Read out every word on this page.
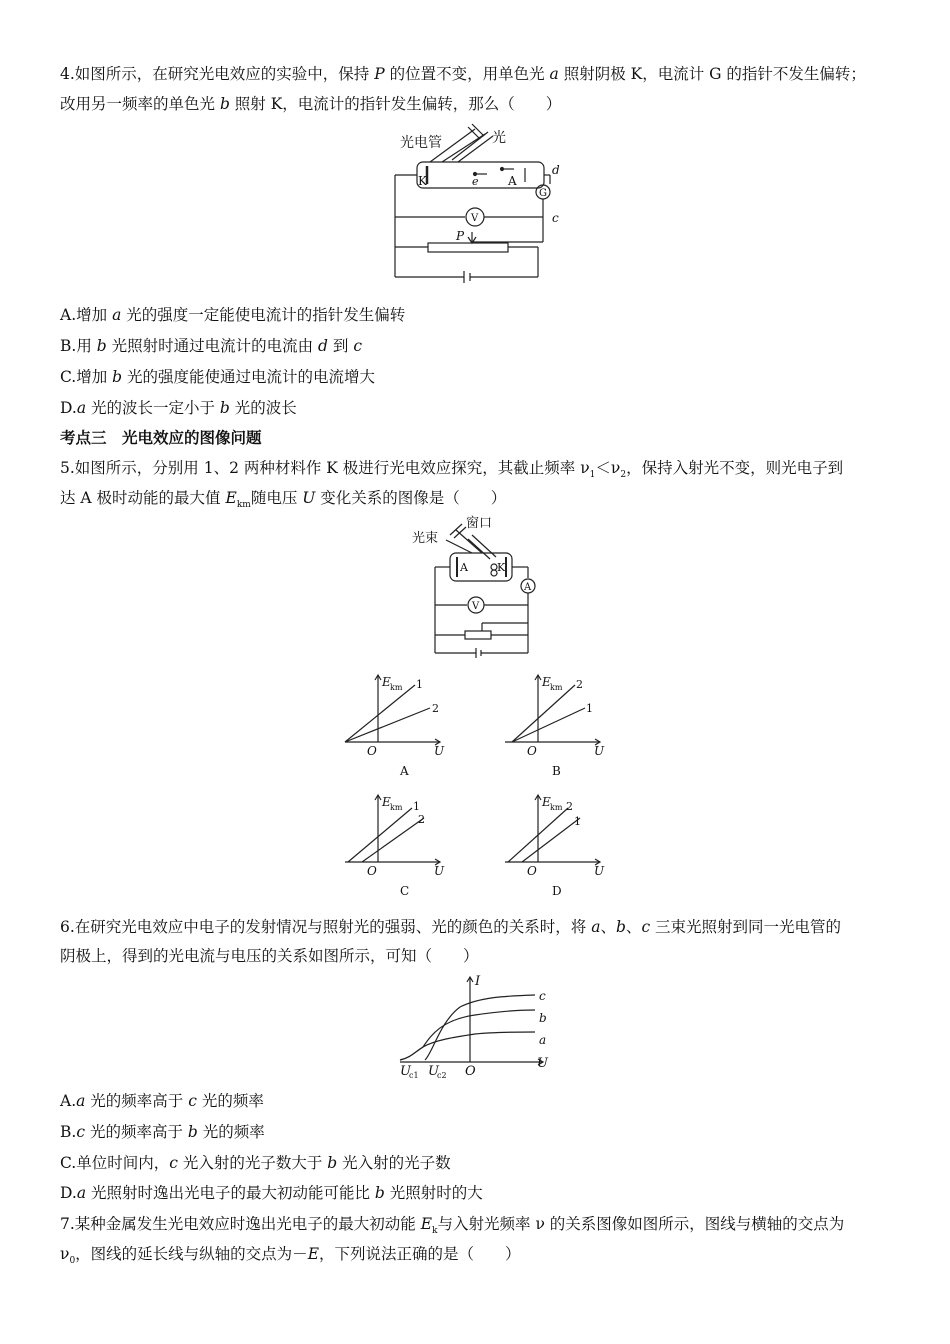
4.如图所示，在研究光电效应的实验中，保持 P 的位置不变，用单色光 a 照射阴极 K，电流计 G 的指针不发生偏转；
改用另一频率的单色光 b 照射 K，电流计的指针发生偏转，那么（　　）
光电管	光
K	A
e
d
c
G
V
P
A.增加 a 光的强度一定能使电流计的指针发生偏转
B.用 b 光照射时通过电流计的电流由 d 到 c
C.增加 b 光的强度能使通过电流计的电流增大
D.a 光的波长一定小于 b 光的波长
考点三　光电效应的图像问题
5.如图所示，分别用 1、2 两种材料作 K 极进行光电效应探究，其截止频率 $\nu_1<\nu_2$，保持入射光不变，则光电子到
达 A 极时动能的最大值 $E_{km}$随电压 U 变化关系的图像是（　　）
光束
窗口
A	K
A
V
E km 1
2
O	U
A
E km 2
1
O	U
B
E km 1
2
O	U
C
E km 2
1
O	U
D
6.在研究光电效应中电子的发射情况与照射光的强弱、光的颜色的关系时，将 a、b、c 三束光照射到同一光电管的
阴极上，得到的光电流与电压的关系如图所示，可知（　　）
I
U
O
c
b
a
U
c1 U
c2
A.a 光的频率高于 c 光的频率
B.c 光的频率高于 b 光的频率
C.单位时间内，c 光入射的光子数大于 b 光入射的光子数
D.a 光照射时逸出光电子的最大初动能可能比 b 光照射时的大
7.某种金属发生光电效应时逸出光电子的最大初动能 $E_k$与入射光频率 ν 的关系图像如图所示，图线与横轴的交点为
$\nu_0$，图线的延长线与纵轴的交点为－E，下列说法正确的是（　　）
